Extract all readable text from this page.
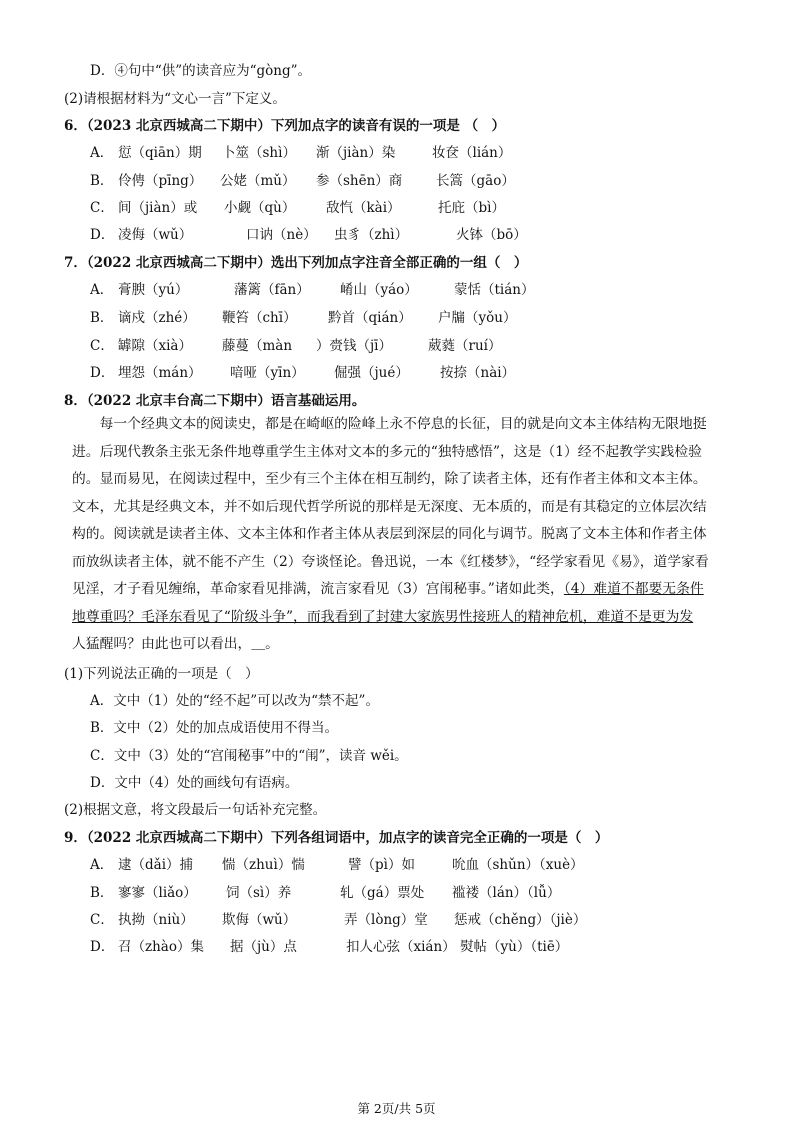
D．④句中“供”的读音应为“gòng”。
(2)请根据材料为“文心一言”下定义。
6．（2023 北京西城高二下期中）下列加点字的读音有误的一项是 （　）
A． 愆（qiān）期 卜筮（shì） 渐（jiàn）染	妆奁（lián）
B． 伶俜（pīng） 公姥（mǔ） 参（shēn）商 长篙（gāo）
C． 间（jiàn）或 小觑（qù） 敌忾（kài）	托庇（bì）
D． 凌侮（wǔ）	口讷（nè） 虫豸（zhì）	火钵（bō）
7．（2022 北京西城高二下期中）选出下列加点字注音全部正确的一组（　）
A． 膏腴（yú）	藩篱（fān） 崤山（yáo）	蒙恬（tián）
B． 谪戍（zhé） 鞭笞（chī） 黔首（qián） 户牖（yǒu）
C． 罅隙（xià） 藤蔓（màn ）赍钱（jī）	葳蕤（ruí）
D． 埋怨（mán） 喑哑（yīn） 倔强（jué） 按捺（nài）
8．（2022 北京丰台高二下期中）语言基础运用。
　　每一个经典文本的阅读史，都是在崎岖的险峰上永不停息的长征，目的就是向文本主体结构无限地挺
进。后现代教条主张无条件地尊重学生主体对文本的多元的“独特感悟”，这是（1）经不起教学实践检验
的。显而易见，在阅读过程中，至少有三个主体在相互制约，除了读者主体，还有作者主体和文本主体。
文本，尤其是经典文本，并不如后现代哲学所说的那样是无深度、无本质的，而是有其稳定的立体层次结
构的。阅读就是读者主体、文本主体和作者主体从表层到深层的同化与调节。脱离了文本主体和作者主体
而放纵读者主体，就不能不产生（2）夸谈怪论。鲁迅说，一本《红楼梦》，“经学家看见《易》，道学家看
见淫，才子看见缠绵，革命家看见排满，流言家看见（3）宫闱秘事。”诸如此类，（4）难道不都要无条件
地尊重吗？毛泽东看见了“阶级斗争”，而我看到了封建大家族男性接班人的精神危机，难道不是更为发
人猛醒吗？由此也可以看出，＿。
(1)下列说法正确的一项是（　）
A．文中（1）处的“经不起”可以改为“禁不起”。
B．文中（2）处的加点成语使用不得当。
C．文中（3）处的“宫闱秘事”中的“闱”，读音 wěi。
D．文中（4）处的画线句有语病。
(2)根据文意，将文段最后一句话补充完整。
9．（2022 北京西城高二下期中）下列各组词语中，加点字的读音完全正确的一项是（　）
A． 逮（dǎi）捕 惴（zhuì）惴	譬（pì）如	吮血（shǔn）（xuè）
B． 寥寥（liǎo） 饲（sì）养	轧（gá）票处 褴褛（lán）（lǚ）
C． 执拗（niù） 欺侮（wǔ）	弄（lòng）堂 惩戒（chěng）（jiè）
D． 召（zhào）集 据（jù）点	扣人心弦（xián） 熨帖（yù）（tiē）
第 2页/共 5页
